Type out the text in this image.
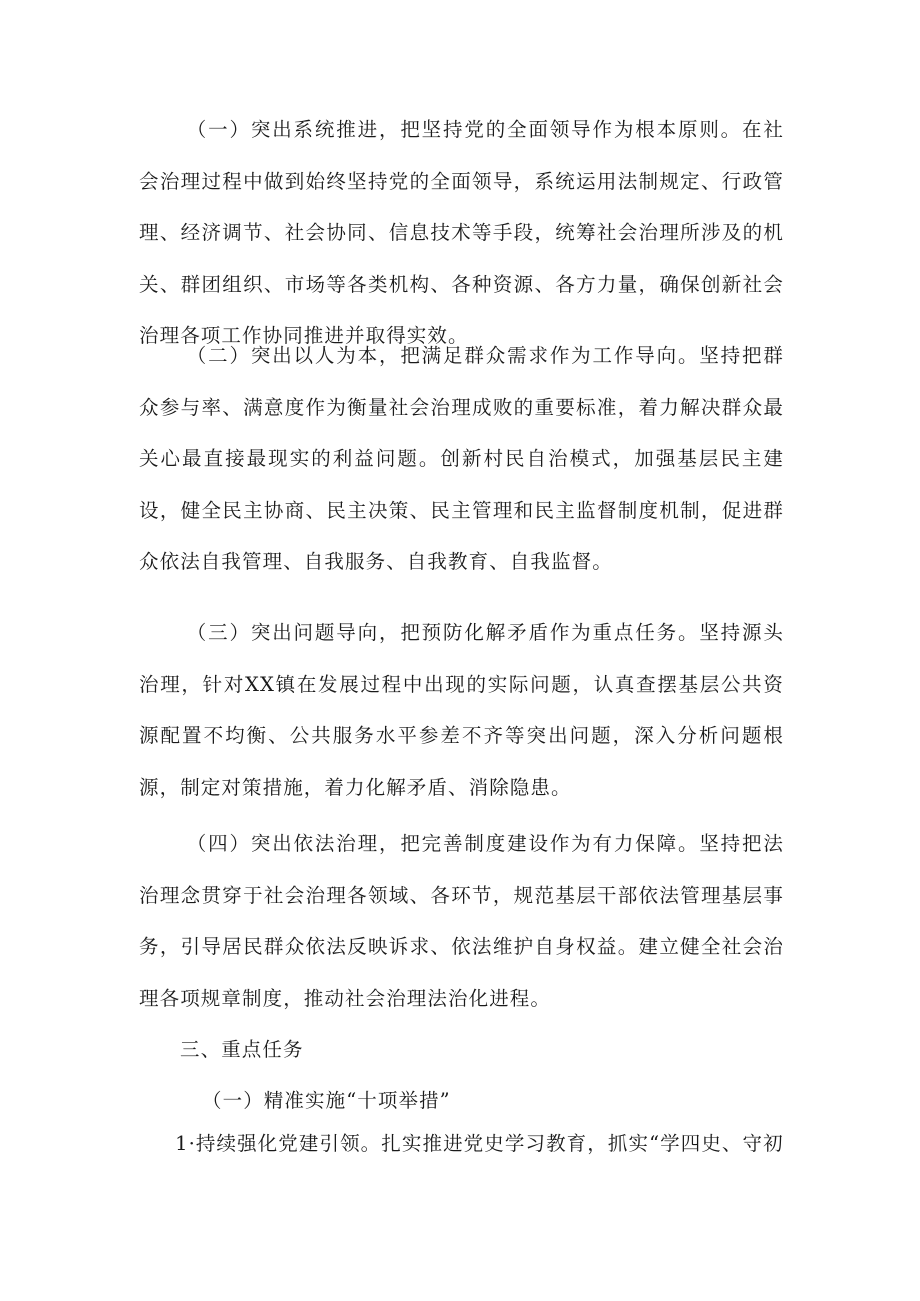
（一）突出系统推进，把坚持党的全面领导作为根本原则。在社会治理过程中做到始终坚持党的全面领导，系统运用法制规定、行政管理、经济调节、社会协同、信息技术等手段，统筹社会治理所涉及的机关、群团组织、市场等各类机构、各种资源、各方力量，确保创新社会治理各项工作协同推进并取得实效。

（二）突出以人为本，把满足群众需求作为工作导向。坚持把群众参与率、满意度作为衡量社会治理成败的重要标准，着力解决群众最关心最直接最现实的利益问题。创新村民自治模式，加强基层民主建设，健全民主协商、民主决策、民主管理和民主监督制度机制，促进群众依法自我管理、自我服务、自我教育、自我监督。

（三）突出问题导向，把预防化解矛盾作为重点任务。坚持源头治理，针对XX镇在发展过程中出现的实际问题，认真查摆基层公共资源配置不均衡、公共服务水平参差不齐等突出问题，深入分析问题根源，制定对策措施，着力化解矛盾、消除隐患。

（四）突出依法治理，把完善制度建设作为有力保障。坚持把法治理念贯穿于社会治理各领域、各环节，规范基层干部依法管理基层事务，引导居民群众依法反映诉求、依法维护自身权益。建立健全社会治理各项规章制度，推动社会治理法治化进程。

三、重点任务

（一）精准实施“十项举措”

1·持续强化党建引领。扎实推进党史学习教育，抓实“学四史、守初
